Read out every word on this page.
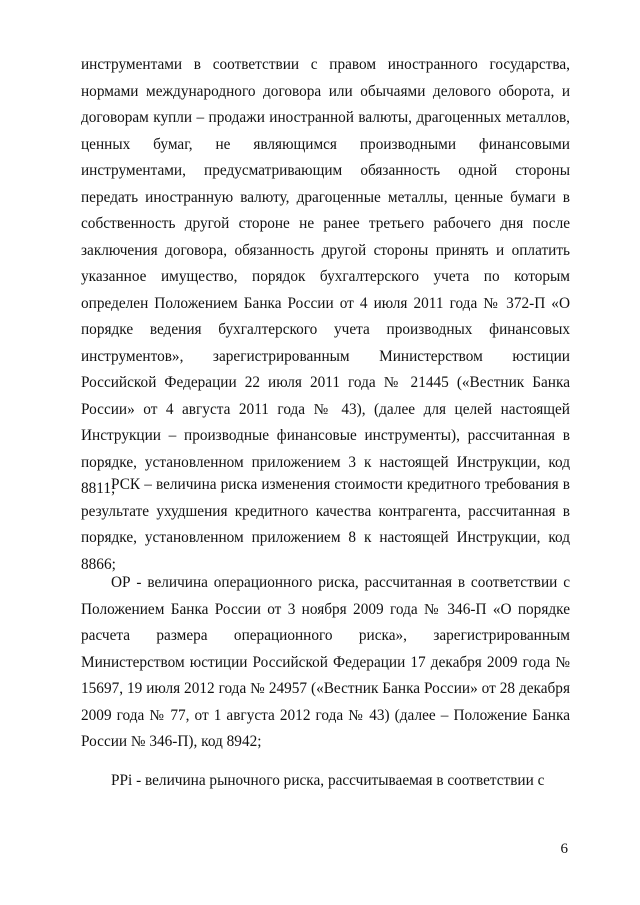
инструментами в соответствии с правом иностранного государства, нормами международного договора или обычаями делового оборота, и договорам купли – продажи иностранной валюты, драгоценных металлов, ценных бумаг, не являющимся производными финансовыми инструментами, предусматривающим обязанность одной стороны передать иностранную валюту, драгоценные металлы, ценные бумаги в собственность другой стороне не ранее третьего рабочего дня после заключения договора, обязанность другой стороны принять и оплатить указанное имущество, порядок бухгалтерского учета по которым определен Положением Банка России от 4 июля 2011 года № 372-П «О порядке ведения бухгалтерского учета производных финансовых инструментов», зарегистрированным Министерством юстиции Российской Федерации 22 июля 2011 года № 21445 («Вестник Банка России» от 4 августа 2011 года № 43), (далее для целей настоящей Инструкции – производные финансовые инструменты), рассчитанная в порядке, установленном приложением 3 к настоящей Инструкции, код 8811;

РСК – величина риска изменения стоимости кредитного требования в результате ухудшения кредитного качества контрагента, рассчитанная в порядке, установленном приложением 8 к настоящей Инструкции, код 8866;

ОР - величина операционного риска, рассчитанная в соответствии с Положением Банка России от 3 ноября 2009 года № 346-П «О порядке расчета размера операционного риска», зарегистрированным Министерством юстиции Российской Федерации 17 декабря 2009 года № 15697, 19 июля 2012 года № 24957 («Вестник Банка России» от 28 декабря 2009 года № 77, от 1 августа 2012 года № 43) (далее – Положение Банка России № 346-П), код 8942;

РРi - величина рыночного риска, рассчитываемая в соответствии с

6
